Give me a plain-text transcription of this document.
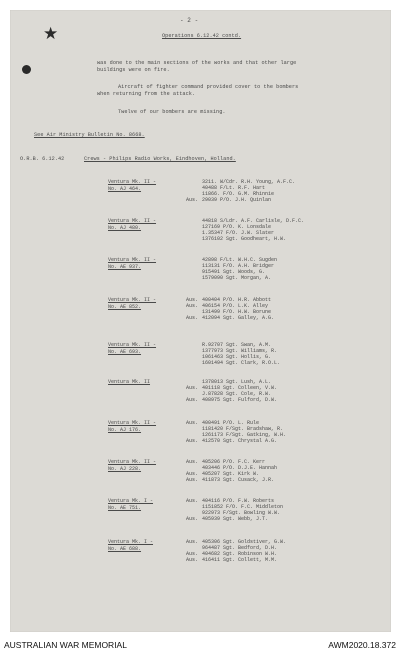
★
- 2 -
Operations 6.12.42 contd.
was done to the main sections of the works and that other large
buildings were on fire.
Aircraft of fighter command provided cover to the bombers
when returning from the attack.
Twelve of our bombers are missing.
See Air Ministry Bulletin No. 8668.
O.R.B. 6.12.42	Crews - Philips Radio Works, Eindhoven, Holland.
Ventura Mk. II -
No. AJ 464.
3211. W/Cdr. R.H. Young, A.F.C.
40488 F/Lt. R.F. Hart
11866. F/O. G.M. Rhinnie
Aus. 29039 P/O. J.H. Quinlan
Ventura Mk. II -
No. AJ 480.
44818 S/Ldr. A.F. Carlisle, D.F.C.
127169 P/O. K. Lonsdale
1.35347 F/O. J.W. Slater
1376102 Sgt. Goodheart, H.W.
Ventura Mk. II -
No. AE 937.
42898 F/Lt. W.H.C. Sugden
113131 F/O. A.H. Bridger
915491 Sgt. Woods, G.
1579090 Sgt. Morgan, A.
Ventura Mk. II -
No. AE 852.
Aus. 400404 P/O. H.R. Abbott
Aus. 406154 P/O. L.K. Alley
131499 F/O. H.W. Borune
Aus. 412094 Sgt. Galley, A.G.
Ventura Mk. II -
No. AE 693.
R.92707 Sgt. Swan, A.M.
1377973 Sgt. Williams, R.
1061463 Sgt. Hollis, G.
1601494 Sgt. Clark, R.O.L.
Ventura Mk. II	1378013 Sgt. Lush, A.L.
Aus. 401118 Sgt. Colleen, V.W.
J.87828 Sgt. Cole, R.W.
Aus. 408975 Sgt. Fulford, D.W.
Ventura Mk. II -
No. AJ 176.
Aus. 400491 P/O. L. Rule
1181420 F/Sgt. Bradshaw, R.
1261173 F/Sgt. Gatking, W.H.
Aus. 412570 Sgt. Chrystal A.G.
Ventura Mk. II -
No. AJ 228.
Aus. 405206 P/O. F.C. Kerr
403446 P/O. D.J.E. Hannah
Aus. 405207 Sgt. Kirk W.
Aus. 411873 Sgt. Cusack, J.R.
Ventura Mk. I -
No. AE 751.
Aus. 404116 P/O. F.W. Roberts
1151852 F/O. F.C. Middleton
922973 F/Sgt. Bowling W.W.
Aus. 405939 Sgt. Webb, J.T.
Ventura Mk. I -
No. AE 688.
Aus. 405306 Sgt. Goldstiver, G.W.
964487 Sgt. Bedford, D.H.
Aus. 404682 Sgt. Robinson W.H.
Aus. 416411 Sgt. Collett, M.M.
AUSTRALIAN WAR MEMORIAL	AWM2020.18.372
